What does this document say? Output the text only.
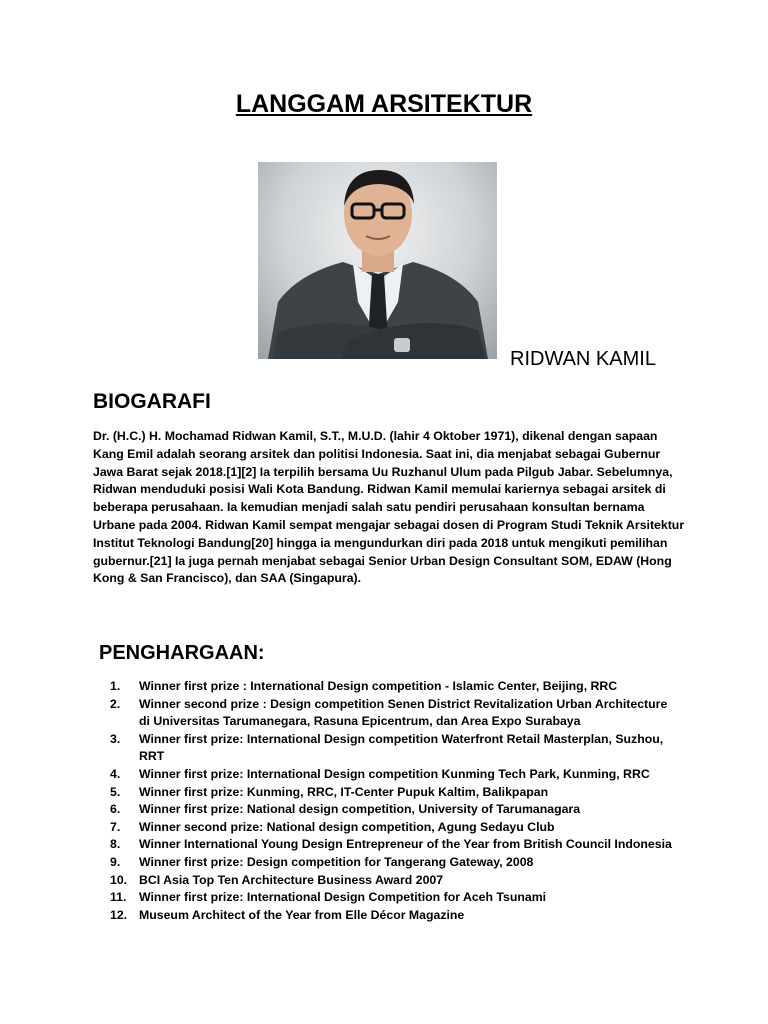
LANGGAM ARSITEKTUR
RIDWAN KAMIL
BIOGARAFI
Dr. (H.C.) H. Mochamad Ridwan Kamil, S.T., M.U.D. (lahir 4 Oktober 1971), dikenal dengan sapaan Kang Emil adalah seorang arsitek dan politisi Indonesia. Saat ini, dia menjabat sebagai Gubernur Jawa Barat sejak 2018.[1][2] Ia terpilih bersama Uu Ruzhanul Ulum pada Pilgub Jabar. Sebelumnya, Ridwan menduduki posisi Wali Kota Bandung. Ridwan Kamil memulai kariernya sebagai arsitek di beberapa perusahaan. Ia kemudian menjadi salah satu pendiri perusahaan konsultan bernama Urbane pada 2004. Ridwan Kamil sempat mengajar sebagai dosen di Program Studi Teknik Arsitektur Institut Teknologi Bandung[20] hingga ia mengundurkan diri pada 2018 untuk mengikuti pemilihan gubernur.[21] Ia juga pernah menjabat sebagai Senior Urban Design Consultant SOM, EDAW (Hong Kong & San Francisco), dan SAA (Singapura).
PENGHARGAAN:
1.	Winner first prize : International Design competition - Islamic Center, Beijing, RRC
2.	Winner second prize : Design competition Senen District Revitalization Urban Architecture di Universitas Tarumanegara, Rasuna Epicentrum, dan Area Expo Surabaya
3.	Winner first prize: International Design competition Waterfront Retail Masterplan, Suzhou, RRT
4.	Winner first prize: International Design competition Kunming Tech Park, Kunming, RRC
5.	Winner first prize: Kunming, RRC, IT-Center Pupuk Kaltim, Balikpapan
6.	Winner first prize: National design competition, University of Tarumanagara
7.	Winner second prize: National design competition, Agung Sedayu Club
8.	Winner International Young Design Entrepreneur of the Year from British Council Indonesia
9.	Winner first prize: Design competition for Tangerang Gateway, 2008
10. BCI Asia Top Ten Architecture Business Award 2007
11.	Winner first prize: International Design Competition for Aceh Tsunami
12. Museum Architect of the Year from Elle Décor Magazine
